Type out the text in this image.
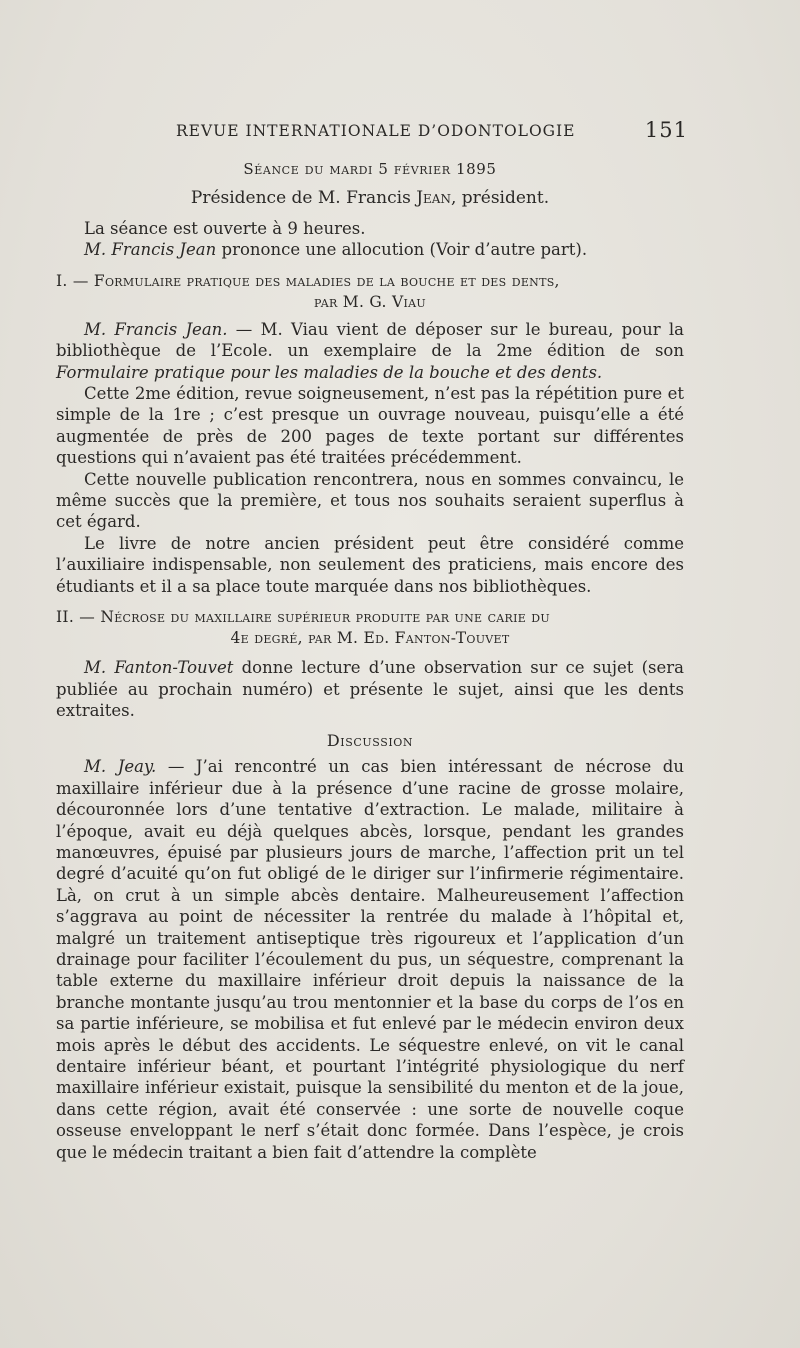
REVUE INTERNATIONALE D’ODONTOLOGIE	151
Séance du mardi 5 février 1895
Présidence de M. Francis Jean, président.

La séance est ouverte à 9 heures.

M. Francis Jean prononce une allocution (Voir d’autre part).

I. — Formulaire pratique des maladies de la bouche et des dents,
par M. G. Viau

M. Francis Jean. — M. Viau vient de déposer sur le bureau, pour la bibliothèque de l’Ecole. un exemplaire de la 2me édition de son Formulaire pratique pour les maladies de la bouche et des dents.

Cette 2me édition, revue soigneusement, n’est pas la répétition pure et simple de la 1re ; c’est presque un ouvrage nouveau, puisqu’elle a été augmentée de près de 200 pages de texte portant sur différentes questions qui n’avaient pas été traitées précédemment.

Cette nouvelle publication rencontrera, nous en sommes convaincu, le même succès que la première, et tous nos souhaits seraient superflus à cet égard.

Le livre de notre ancien président peut être considéré comme l’auxiliaire indispensable, non seulement des praticiens, mais encore des étudiants et il a sa place toute marquée dans nos bibliothèques.

II. — Nécrose du maxillaire supérieur produite par une carie du
4e degré, par M. Ed. Fanton-Touvet

M. Fanton-Touvet donne lecture d’une observation sur ce sujet (sera publiée au prochain numéro) et présente le sujet, ainsi que les dents extraites.

Discussion

M. Jeay. — J’ai rencontré un cas bien intéressant de nécrose du maxillaire inférieur due à la présence d’une racine de grosse molaire, découronnée lors d’une tentative d’extraction. Le malade, militaire à l’époque, avait eu déjà quelques abcès, lorsque, pendant les grandes manœuvres, épuisé par plusieurs jours de marche, l’affection prit un tel degré d’acuité qu’on fut obligé de le diriger sur l’infirmerie régimentaire. Là, on crut à un simple abcès dentaire. Malheureusement l’affection s’aggrava au point de nécessiter la rentrée du malade à l’hôpital et, malgré un traitement antiseptique très rigoureux et l’application d’un drainage pour faciliter l’écoulement du pus, un séquestre, comprenant la table externe du maxillaire inférieur droit depuis la naissance de la branche montante jusqu’au trou mentonnier et la base du corps de l’os en sa partie inférieure, se mobilisa et fut enlevé par le médecin environ deux mois après le début des accidents. Le séquestre enlevé, on vit le canal dentaire inférieur béant, et pourtant l’intégrité physiologique du nerf maxillaire inférieur existait, puisque la sensibilité du menton et de la joue, dans cette région, avait été conservée : une sorte de nouvelle coque osseuse enveloppant le nerf s’était donc formée. Dans l’espèce, je crois que le médecin traitant a bien fait d’attendre la complète
